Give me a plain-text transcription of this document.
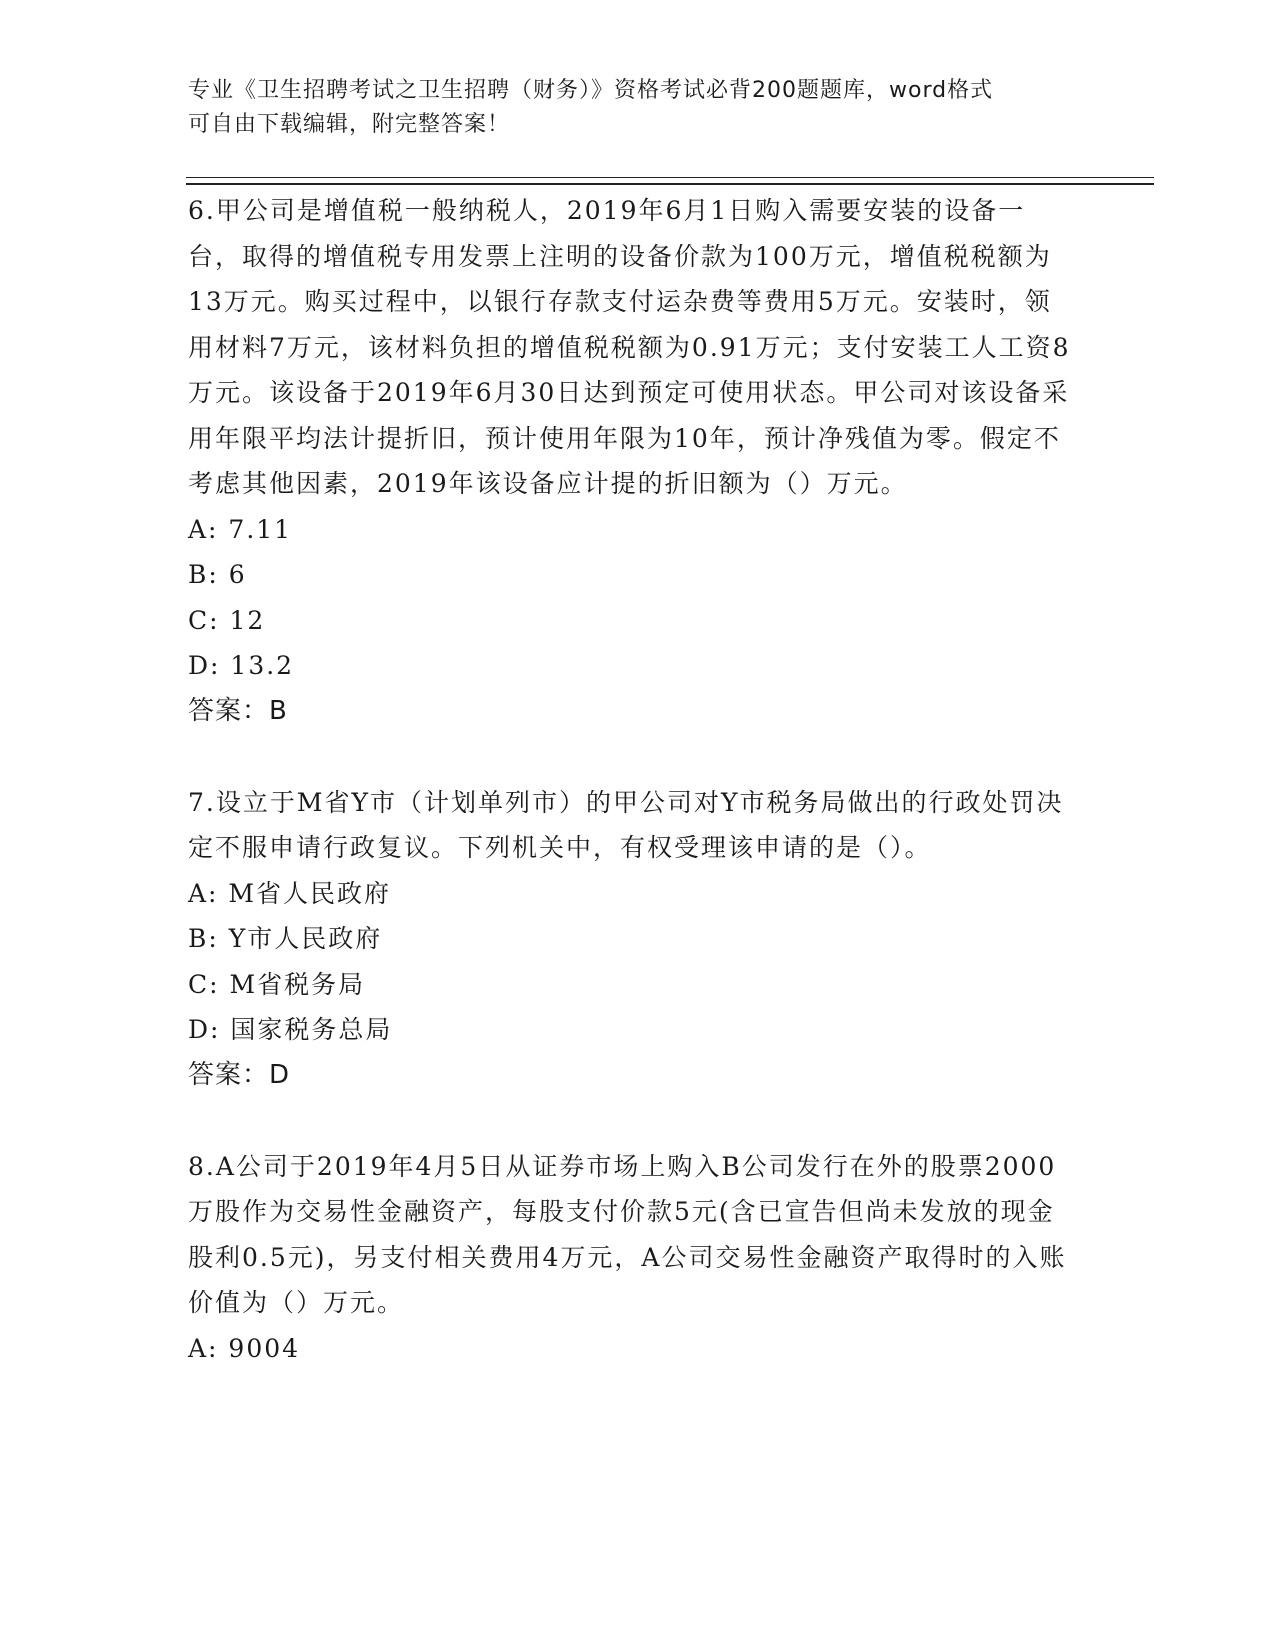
专业《卫生招聘考试之卫生招聘（财务）》资格考试必背200题题库，word格式
可自由下载编辑，附完整答案！

6.甲公司是增值税一般纳税人，2019年6月1日购入需要安装的设备一台，取得的增值税专用发票上注明的设备价款为100万元，增值税税额为13万元。购买过程中，以银行存款支付运杂费等费用5万元。安装时，领用材料7万元，该材料负担的增值税税额为0.91万元；支付安装工人工资8万元。该设备于2019年6月30日达到预定可使用状态。甲公司对该设备采用年限平均法计提折旧，预计使用年限为10年，预计净残值为零。假定不考虑其他因素，2019年该设备应计提的折旧额为（）万元。

A: 7.11

B: 6

C: 12

D: 13.2

答案：B

7.设立于M省Y市（计划单列市）的甲公司对Y市税务局做出的行政处罚决定不服申请行政复议。下列机关中，有权受理该申请的是（）。

A: M省人民政府

B: Y市人民政府

C: M省税务局

D: 国家税务总局

答案：D

8.A公司于2019年4月5日从证券市场上购入B公司发行在外的股票2000万股作为交易性金融资产，每股支付价款5元(含已宣告但尚未发放的现金股利0.5元)，另支付相关费用4万元，A公司交易性金融资产取得时的入账价值为（）万元。

A: 9004
